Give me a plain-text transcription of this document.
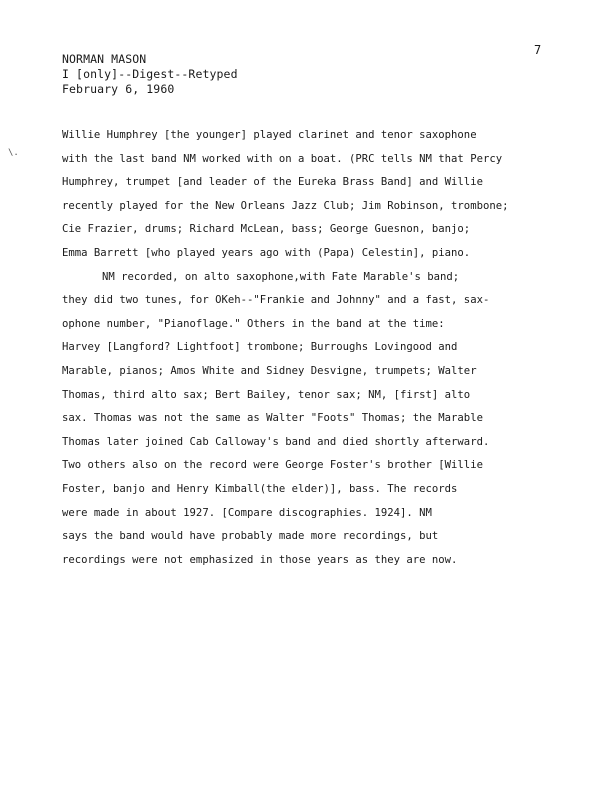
7
\.
NORMAN MASON
I [only]--Digest--Retyped
February 6, 1960
Willie Humphrey [the younger] played clarinet and tenor saxophone
with the last band NM worked with on a boat. (PRC tells NM that Percy
Humphrey, trumpet [and leader of the Eureka Brass Band] and Willie
recently played for the New Orleans Jazz Club; Jim Robinson, trombone;
Cie Frazier, drums; Richard McLean, bass; George Guesnon, banjo;
Emma Barrett [who played years ago with (Papa) Celestin], piano.
NM recorded, on alto saxophone,with Fate Marable's band;
they did two tunes, for OKeh--"Frankie and Johnny" and a fast, sax-
ophone number, "Pianoflage." Others in the band at the time:
Harvey [Langford? Lightfoot] trombone; Burroughs Lovingood and
Marable, pianos; Amos White and Sidney Desvigne, trumpets; Walter
Thomas, third alto sax; Bert Bailey, tenor sax; NM, [first] alto
sax. Thomas was not the same as Walter "Foots" Thomas; the Marable
Thomas later joined Cab Calloway's band and died shortly afterward.
Two others also on the record were George Foster's brother [Willie
Foster, banjo and Henry Kimball(the elder)], bass. The records
were made in about 1927. [Compare discographies. 1924]. NM
says the band would have probably made more recordings, but
recordings were not emphasized in those years as they are now.
